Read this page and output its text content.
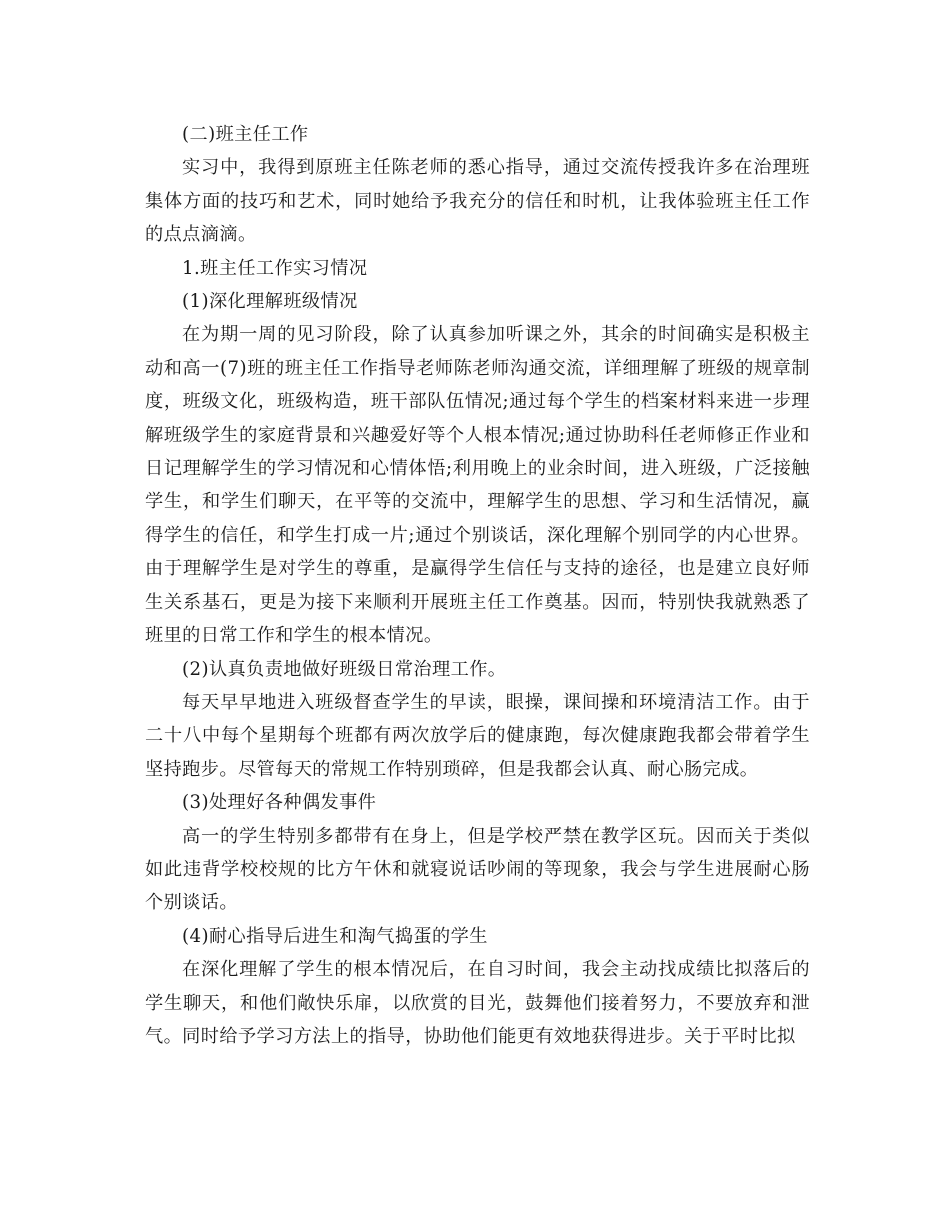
(二)班主任工作

实习中，我得到原班主任陈老师的悉心指导，通过交流传授我许多在治理班集体方面的技巧和艺术，同时她给予我充分的信任和时机，让我体验班主任工作的点点滴滴。

1.班主任工作实习情况

(1)深化理解班级情况

在为期一周的见习阶段，除了认真参加听课之外，其余的时间确实是积极主动和高一(7)班的班主任工作指导老师陈老师沟通交流，详细理解了班级的规章制度，班级文化，班级构造，班干部队伍情况;通过每个学生的档案材料来进一步理解班级学生的家庭背景和兴趣爱好等个人根本情况;通过协助科任老师修正作业和日记理解学生的学习情况和心情体悟;利用晚上的业余时间，进入班级，广泛接触学生，和学生们聊天，在平等的交流中，理解学生的思想、学习和生活情况，赢得学生的信任，和学生打成一片;通过个别谈话，深化理解个别同学的内心世界。由于理解学生是对学生的尊重，是赢得学生信任与支持的途径，也是建立良好师生关系基石，更是为接下来顺利开展班主任工作奠基。因而，特别快我就熟悉了班里的日常工作和学生的根本情况。

(2)认真负责地做好班级日常治理工作。

每天早早地进入班级督查学生的早读，眼操，课间操和环境清洁工作。由于二十八中每个星期每个班都有两次放学后的健康跑，每次健康跑我都会带着学生坚持跑步。尽管每天的常规工作特别琐碎，但是我都会认真、耐心肠完成。

(3)处理好各种偶发事件

高一的学生特别多都带有在身上，但是学校严禁在教学区玩。因而关于类似如此违背学校校规的比方午休和就寝说话吵闹的等现象，我会与学生进展耐心肠个别谈话。

(4)耐心指导后进生和淘气捣蛋的学生

在深化理解了学生的根本情况后，在自习时间，我会主动找成绩比拟落后的学生聊天，和他们敞快乐扉，以欣赏的目光，鼓舞他们接着努力，不要放弃和泄气。同时给予学习方法上的指导，协助他们能更有效地获得进步。关于平时比拟
